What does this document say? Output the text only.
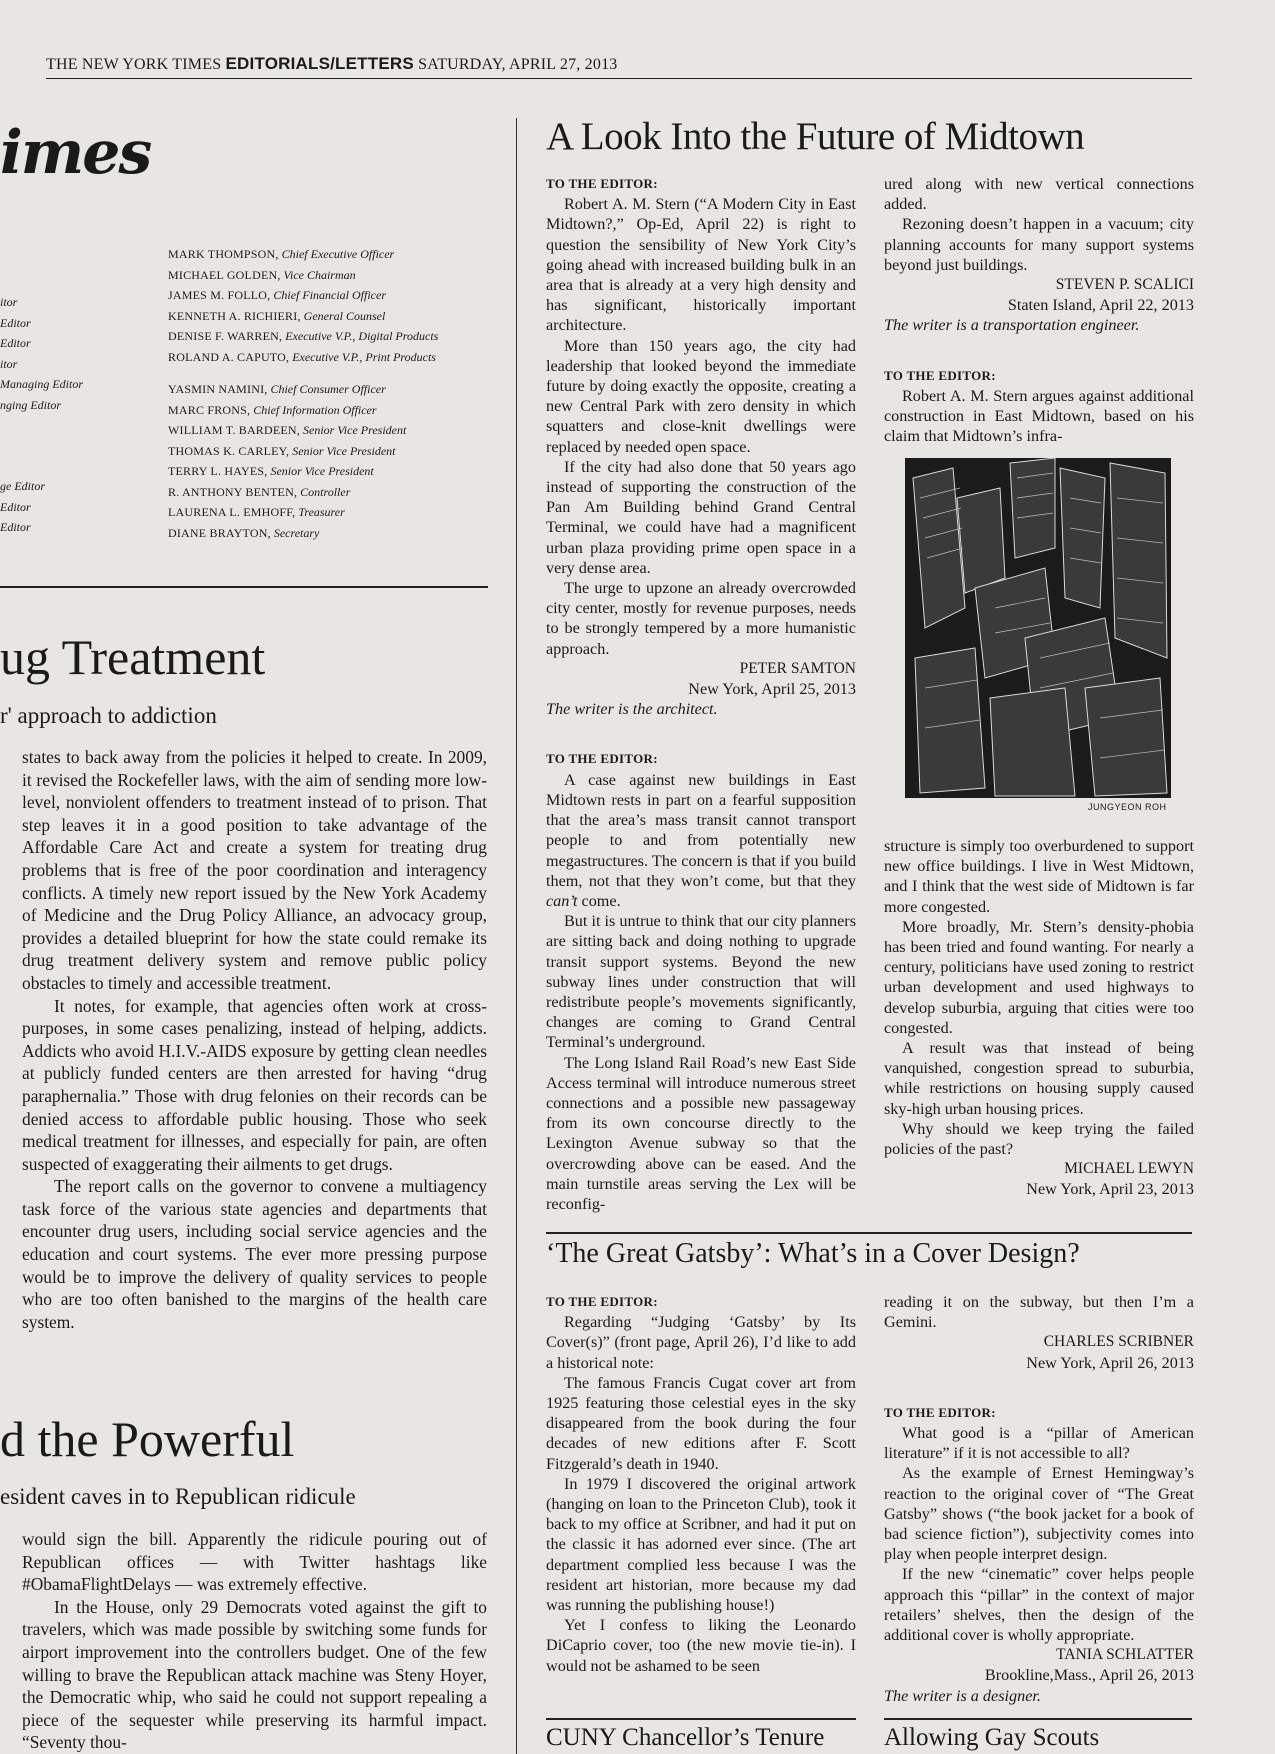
THE NEW YORK TIMES EDITORIALS/LETTERS SATURDAY, APRIL 27, 2013
imes
itor
Editor
Editor
itor
Managing Editor
nging Editor
ge Editor
Editor
Editor
MARK THOMPSON, Chief Executive Officer
MICHAEL GOLDEN, Vice Chairman
JAMES M. FOLLO, Chief Financial Officer
KENNETH A. RICHIERI, General Counsel
DENISE F. WARREN, Executive V.P., Digital Products
ROLAND A. CAPUTO, Executive V.P., Print Products
YASMIN NAMINI, Chief Consumer Officer
MARC FRONS, Chief Information Officer
WILLIAM T. BARDEEN, Senior Vice President
THOMAS K. CARLEY, Senior Vice President
TERRY L. HAYES, Senior Vice President
R. ANTHONY BENTEN, Controller
LAURENA L. EMHOFF, Treasurer
DIANE BRAYTON, Secretary
ug Treatment
r' approach to addiction

states to back away from the policies it helped to create. In 2009, it revised the Rockefeller laws, with the aim of sending more low-level, nonviolent offenders to treatment instead of to prison. That step leaves it in a good position to take advantage of the Affordable Care Act and create a system for treating drug problems that is free of the poor coordination and interagency conflicts. A timely new report issued by the New York Academy of Medicine and the Drug Policy Alliance, an advocacy group, provides a detailed blueprint for how the state could remake its drug treatment delivery system and remove public policy obstacles to timely and accessible treatment.

It notes, for example, that agencies often work at cross-purposes, in some cases penalizing, instead of helping, addicts. Addicts who avoid H.I.V.-AIDS exposure by getting clean needles at publicly funded centers are then arrested for having “drug paraphernalia.” Those with drug felonies on their records can be denied access to affordable public housing. Those who seek medical treatment for illnesses, and especially for pain, are often suspected of exaggerating their ailments to get drugs.

The report calls on the governor to convene a multiagency task force of the various state agencies and departments that encounter drug users, including social service agencies and the education and court systems. The ever more pressing purpose would be to improve the delivery of quality services to people who are too often banished to the margins of the health care system.

d the Powerful
esident caves in to Republican ridicule

would sign the bill. Apparently the ridicule pouring out of Republican offices — with Twitter hashtags like #ObamaFlightDelays — was extremely effective.

In the House, only 29 Democrats voted against the gift to travelers, which was made possible by switching some funds for airport improvement into the controllers budget. One of the few willing to brave the Republican attack machine was Steny Hoyer, the Democratic whip, who said he could not support repealing a piece of the sequester while preserving its harmful impact. “Seventy thou-

A Look Into the Future of Midtown
TO THE EDITOR:

Robert A. M. Stern (“A Modern City in East Midtown?,” Op-Ed, April 22) is right to question the sensibility of New York City’s going ahead with increased building bulk in an area that is already at a very high density and has significant, historically important architecture.

More than 150 years ago, the city had leadership that looked beyond the immediate future by doing exactly the opposite, creating a new Central Park with zero density in which squatters and close-knit dwellings were replaced by needed open space.

If the city had also done that 50 years ago instead of supporting the construction of the Pan Am Building behind Grand Central Terminal, we could have had a magnificent urban plaza providing prime open space in a very dense area.

The urge to upzone an already overcrowded city center, mostly for revenue purposes, needs to be strongly tempered by a more humanistic approach.

PETER SAMTON

New York, April 25, 2013

The writer is the architect.

TO THE EDITOR:

A case against new buildings in East Midtown rests in part on a fearful supposition that the area’s mass transit cannot transport people to and from potentially new megastructures. The concern is that if you build them, not that they won’t come, but that they can’t come.

But it is untrue to think that our city planners are sitting back and doing nothing to upgrade transit support systems. Beyond the new subway lines under construction that will redistribute people’s movements significantly, changes are coming to Grand Central Terminal’s underground.

The Long Island Rail Road’s new East Side Access terminal will introduce numerous street connections and a possible new passageway from its own concourse directly to the Lexington Avenue subway so that the overcrowding above can be eased. And the main turnstile areas serving the Lex will be reconfig-

ured along with new vertical connections added.

Rezoning doesn’t happen in a vacuum; city planning accounts for many support systems beyond just buildings.

STEVEN P. SCALICI

Staten Island, April 22, 2013

The writer is a transportation engineer.

TO THE EDITOR:

Robert A. M. Stern argues against additional construction in East Midtown, based on his claim that Midtown’s infra-

JUNGYEON ROH

structure is simply too overburdened to support new office buildings. I live in West Midtown, and I think that the west side of Midtown is far more congested.

More broadly, Mr. Stern’s density-phobia has been tried and found wanting. For nearly a century, politicians have used zoning to restrict urban development and used highways to develop suburbia, arguing that cities were too congested.

A result was that instead of being vanquished, congestion spread to suburbia, while restrictions on housing supply caused sky-high urban housing prices.

Why should we keep trying the failed policies of the past?

MICHAEL LEWYN

New York, April 23, 2013

‘The Great Gatsby’: What’s in a Cover Design?
TO THE EDITOR:

Regarding “Judging ‘Gatsby’ by Its Cover(s)” (front page, April 26), I’d like to add a historical note:

The famous Francis Cugat cover art from 1925 featuring those celestial eyes in the sky disappeared from the book during the four decades of new editions after F. Scott Fitzgerald’s death in 1940.

In 1979 I discovered the original artwork (hanging on loan to the Princeton Club), took it back to my office at Scribner, and had it put on the classic it has adorned ever since. (The art department complied less because I was the resident art historian, more because my dad was running the publishing house!)

Yet I confess to liking the Leonardo DiCaprio cover, too (the new movie tie-in). I would not be ashamed to be seen

reading it on the subway, but then I’m a Gemini.

CHARLES SCRIBNER

New York, April 26, 2013

TO THE EDITOR:

What good is a “pillar of American literature” if it is not accessible to all?

As the example of Ernest Hemingway’s reaction to the original cover of “The Great Gatsby” shows (“the book jacket for a book of bad science fiction”), subjectivity comes into play when people interpret design.

If the new “cinematic” cover helps people approach this “pillar” in the context of major retailers’ shelves, then the design of the additional cover is wholly appropriate.

TANIA SCHLATTER

Brookline,Mass., April 26, 2013

The writer is a designer.

CUNY Chancellor’s Tenure Allowing Gay Scouts
